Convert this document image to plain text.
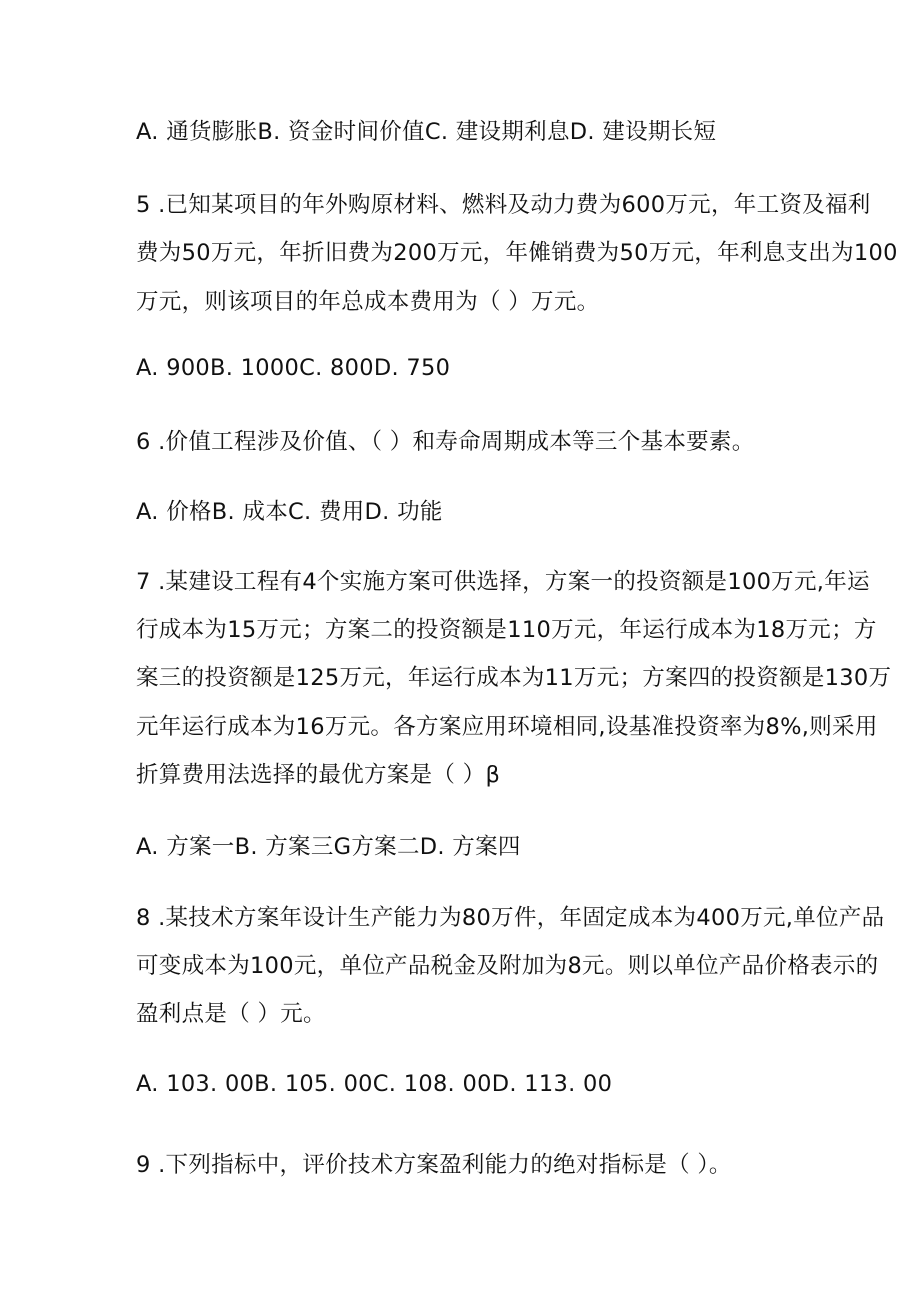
A. 通货膨胀B. 资金时间价值C. 建设期利息D. 建设期长短
5 .已知某项目的年外购原材料、燃料及动力费为600万元，年工资及福利
费为50万元，年折旧费为200万元，年傩销费为50万元，年利息支出为100
万元，则该项目的年总成本费用为（ ）万元。
A. 900B. 1000C. 800D. 750
6 .价值工程涉及价值、（ ）和寿命周期成本等三个基本要素。
A. 价格B. 成本C. 费用D. 功能
7 .某建设工程有4个实施方案可供选择，方案一的投资额是100万元,年运
行成本为15万元；方案二的投资额是110万元，年运行成本为18万元；方
案三的投资额是125万元，年运行成本为11万元；方案四的投资额是130万
元年运行成本为16万元。各方案应用环境相同,设基准投资率为8%,则采用
折算费用法选择的最优方案是（ ）β
A. 方案一B. 方案三G方案二D. 方案四
8 .某技术方案年设计生产能力为80万件，年固定成本为400万元,单位产品
可变成本为100元，单位产品税金及附加为8元。则以单位产品价格表示的
盈利点是（ ）元。
A. 103. 00B. 105. 00C. 108. 00D. 113. 00
9 .下列指标中，评价技术方案盈利能力的绝对指标是（ ）。
